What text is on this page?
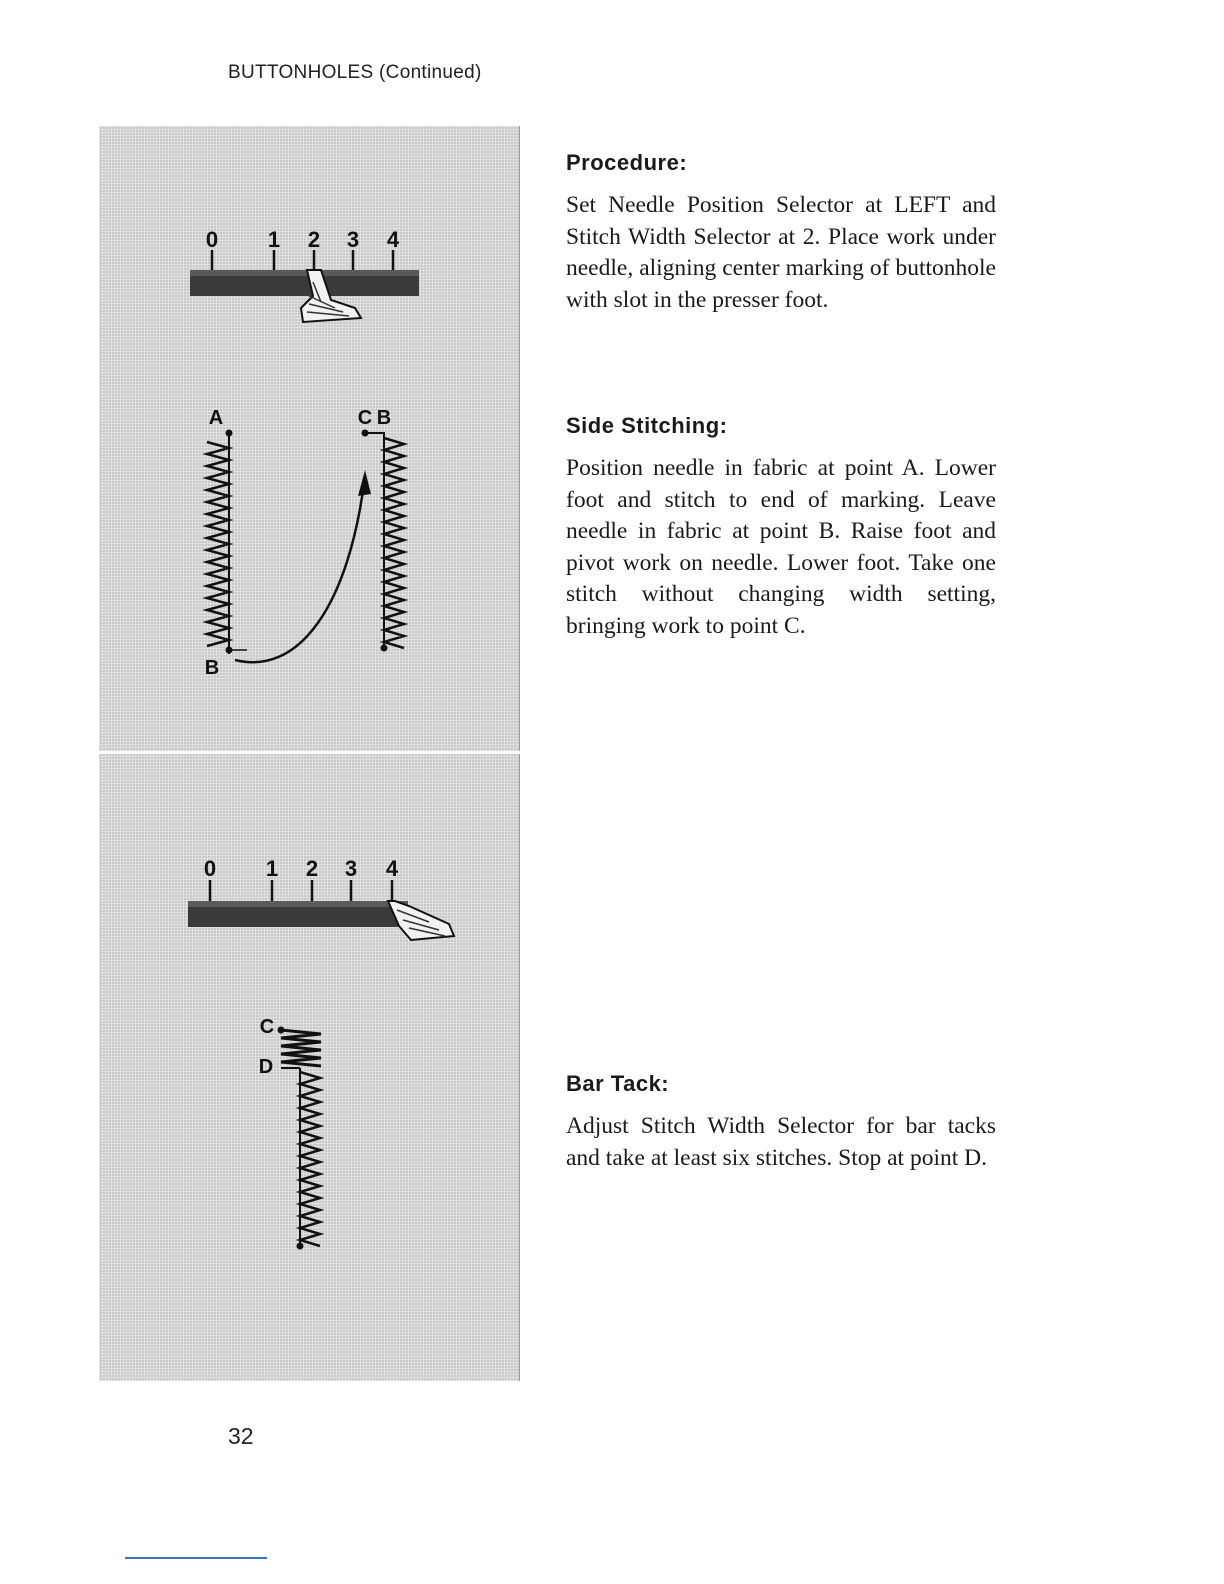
BUTTONHOLES (Continued)
0 1 2 3 4
A	C B
B
0 1 2 3 4
C
D
Procedure:

Set Needle Position Selector at LEFT and Stitch Width Selector at 2. Place work under needle, aligning center marking of buttonhole with slot in the presser foot.

Side Stitching:

Position needle in fabric at point A. Lower foot and stitch to end of marking. Leave needle in fabric at point B. Raise foot and pivot work on needle. Lower foot. Take one stitch without changing width setting, bringing work to point C.

Bar Tack:

Adjust Stitch Width Selector for bar tacks and take at least six stitches. Stop at point D.

32
